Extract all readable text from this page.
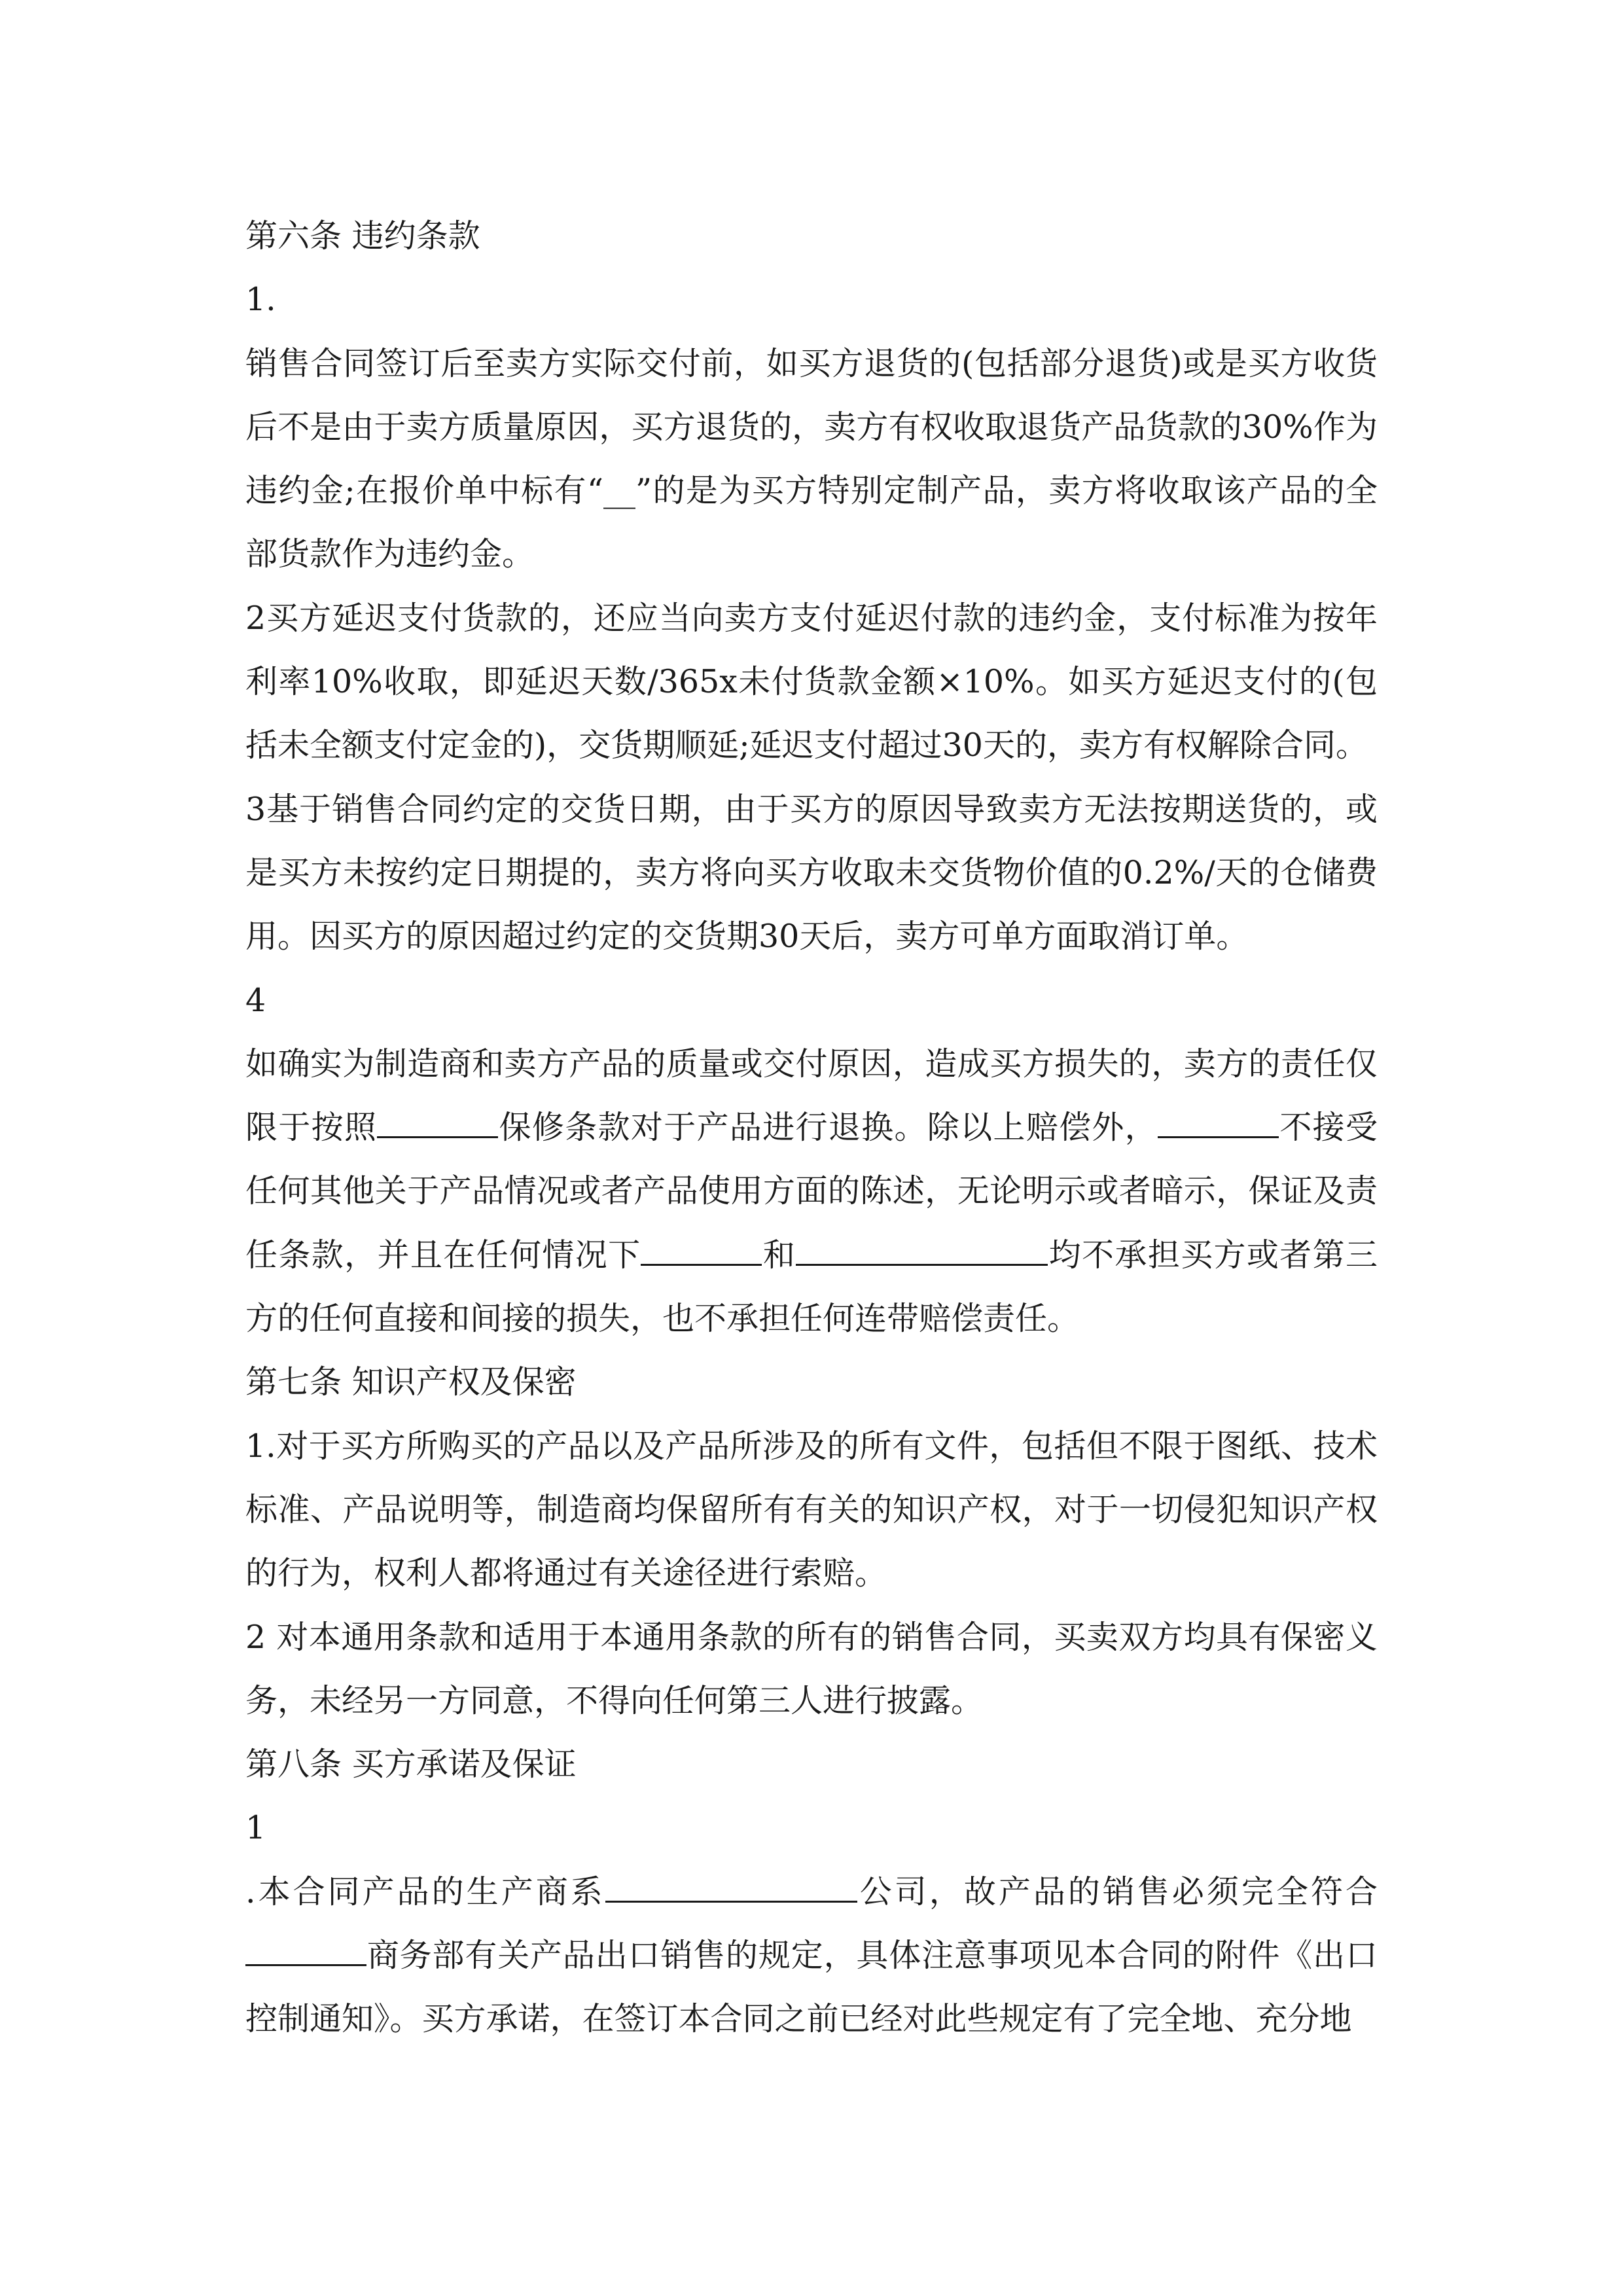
第六条 违约条款

1.

销售合同签订后至卖方实际交付前，如买方退货的(包括部分退货)或是买方收货后不是由于卖方质量原因，买方退货的，卖方有权收取退货产品货款的30%作为违约金;在报价单中标有“__”的是为买方特别定制产品，卖方将收取该产品的全部货款作为违约金。

2买方延迟支付货款的，还应当向卖方支付延迟付款的违约金，支付标准为按年利率10%收取，即延迟天数/365x未付货款金额×10%。如买方延迟支付的(包括未全额支付定金的)，交货期顺延;延迟支付超过30天的，卖方有权解除合同。

3基于销售合同约定的交货日期，由于买方的原因导致卖方无法按期送货的，或是买方未按约定日期提的，卖方将向买方收取未交货物价值的0.2%/天的仓储费用。因买方的原因超过约定的交货期30天后，卖方可单方面取消订单。

4

如确实为制造商和卖方产品的质量或交付原因，造成买方损失的，卖方的责任仅限于按照	保修条款对于产品进行退换。除以上赔偿外，	不接受任何其他关于产品情况或者产品使用方面的陈述，无论明示或者暗示，保证及责任条款，并且在任何情况下	和	均不承担买方或者第三方的任何直接和间接的损失，也不承担任何连带赔偿责任。

第七条 知识产权及保密

1.对于买方所购买的产品以及产品所涉及的所有文件，包括但不限于图纸、技术标准、产品说明等，制造商均保留所有有关的知识产权，对于一切侵犯知识产权的行为，权利人都将通过有关途径进行索赔。

2 对本通用条款和适用于本通用条款的所有的销售合同，买卖双方均具有保密义务，未经另一方同意，不得向任何第三人进行披露。

第八条 买方承诺及保证

1

.本合同产品的生产商系	公司，故产品的销售必须完全符合商务部有关产品出口销售的规定，具体注意事项见本合同的附件《出口控制通知》。买方承诺，在签订本合同之前已经对此些规定有了完全地、充分地
